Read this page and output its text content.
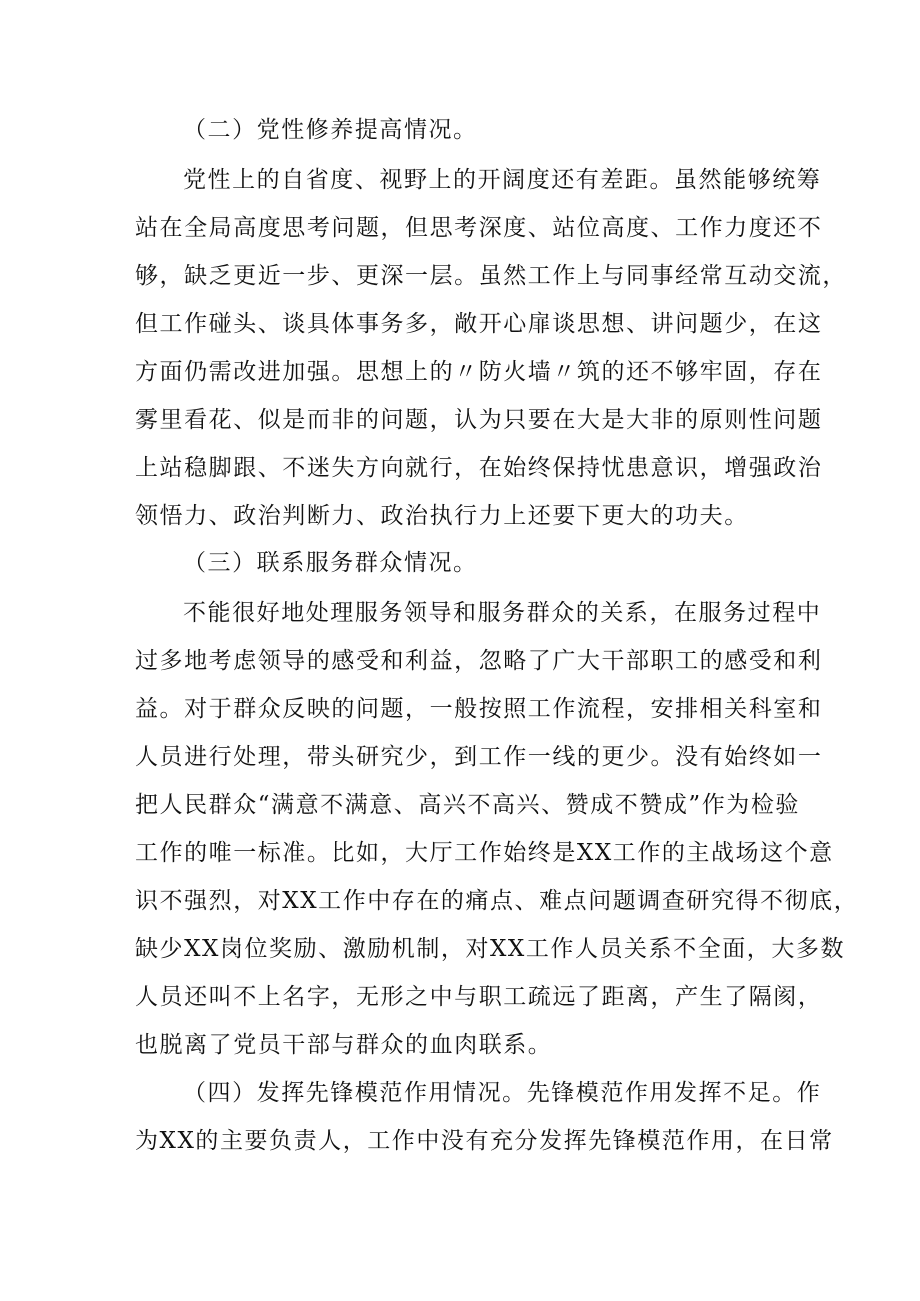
（二）党性修养提高情况。
党性上的自省度、视野上的开阔度还有差距。虽然能够统筹
站在全局高度思考问题，但思考深度、站位高度、工作力度还不
够，缺乏更近一步、更深一层。虽然工作上与同事经常互动交流，
但工作碰头、谈具体事务多，敞开心扉谈思想、讲问题少，在这
方面仍需改进加强。思想上的〃防火墙〃筑的还不够牢固，存在
雾里看花、似是而非的问题，认为只要在大是大非的原则性问题
上站稳脚跟、不迷失方向就行，在始终保持忧患意识，增强政治
领悟力、政治判断力、政治执行力上还要下更大的功夫。
（三）联系服务群众情况。
不能很好地处理服务领导和服务群众的关系，在服务过程中
过多地考虑领导的感受和利益，忽略了广大干部职工的感受和利
益。对于群众反映的问题，一般按照工作流程，安排相关科室和
人员进行处理，带头研究少，到工作一线的更少。没有始终如一
把人民群众“满意不满意、高兴不高兴、赞成不赞成”作为检验
工作的唯一标准。比如，大厅工作始终是XX工作的主战场这个意
识不强烈，对XX工作中存在的痛点、难点问题调查研究得不彻底，
缺少XX岗位奖励、激励机制，对XX工作人员关系不全面，大多数
人员还叫不上名字，无形之中与职工疏远了距离，产生了隔阂，
也脱离了党员干部与群众的血肉联系。
（四）发挥先锋模范作用情况。先锋模范作用发挥不足。作
为XX的主要负责人，工作中没有充分发挥先锋模范作用，在日常
